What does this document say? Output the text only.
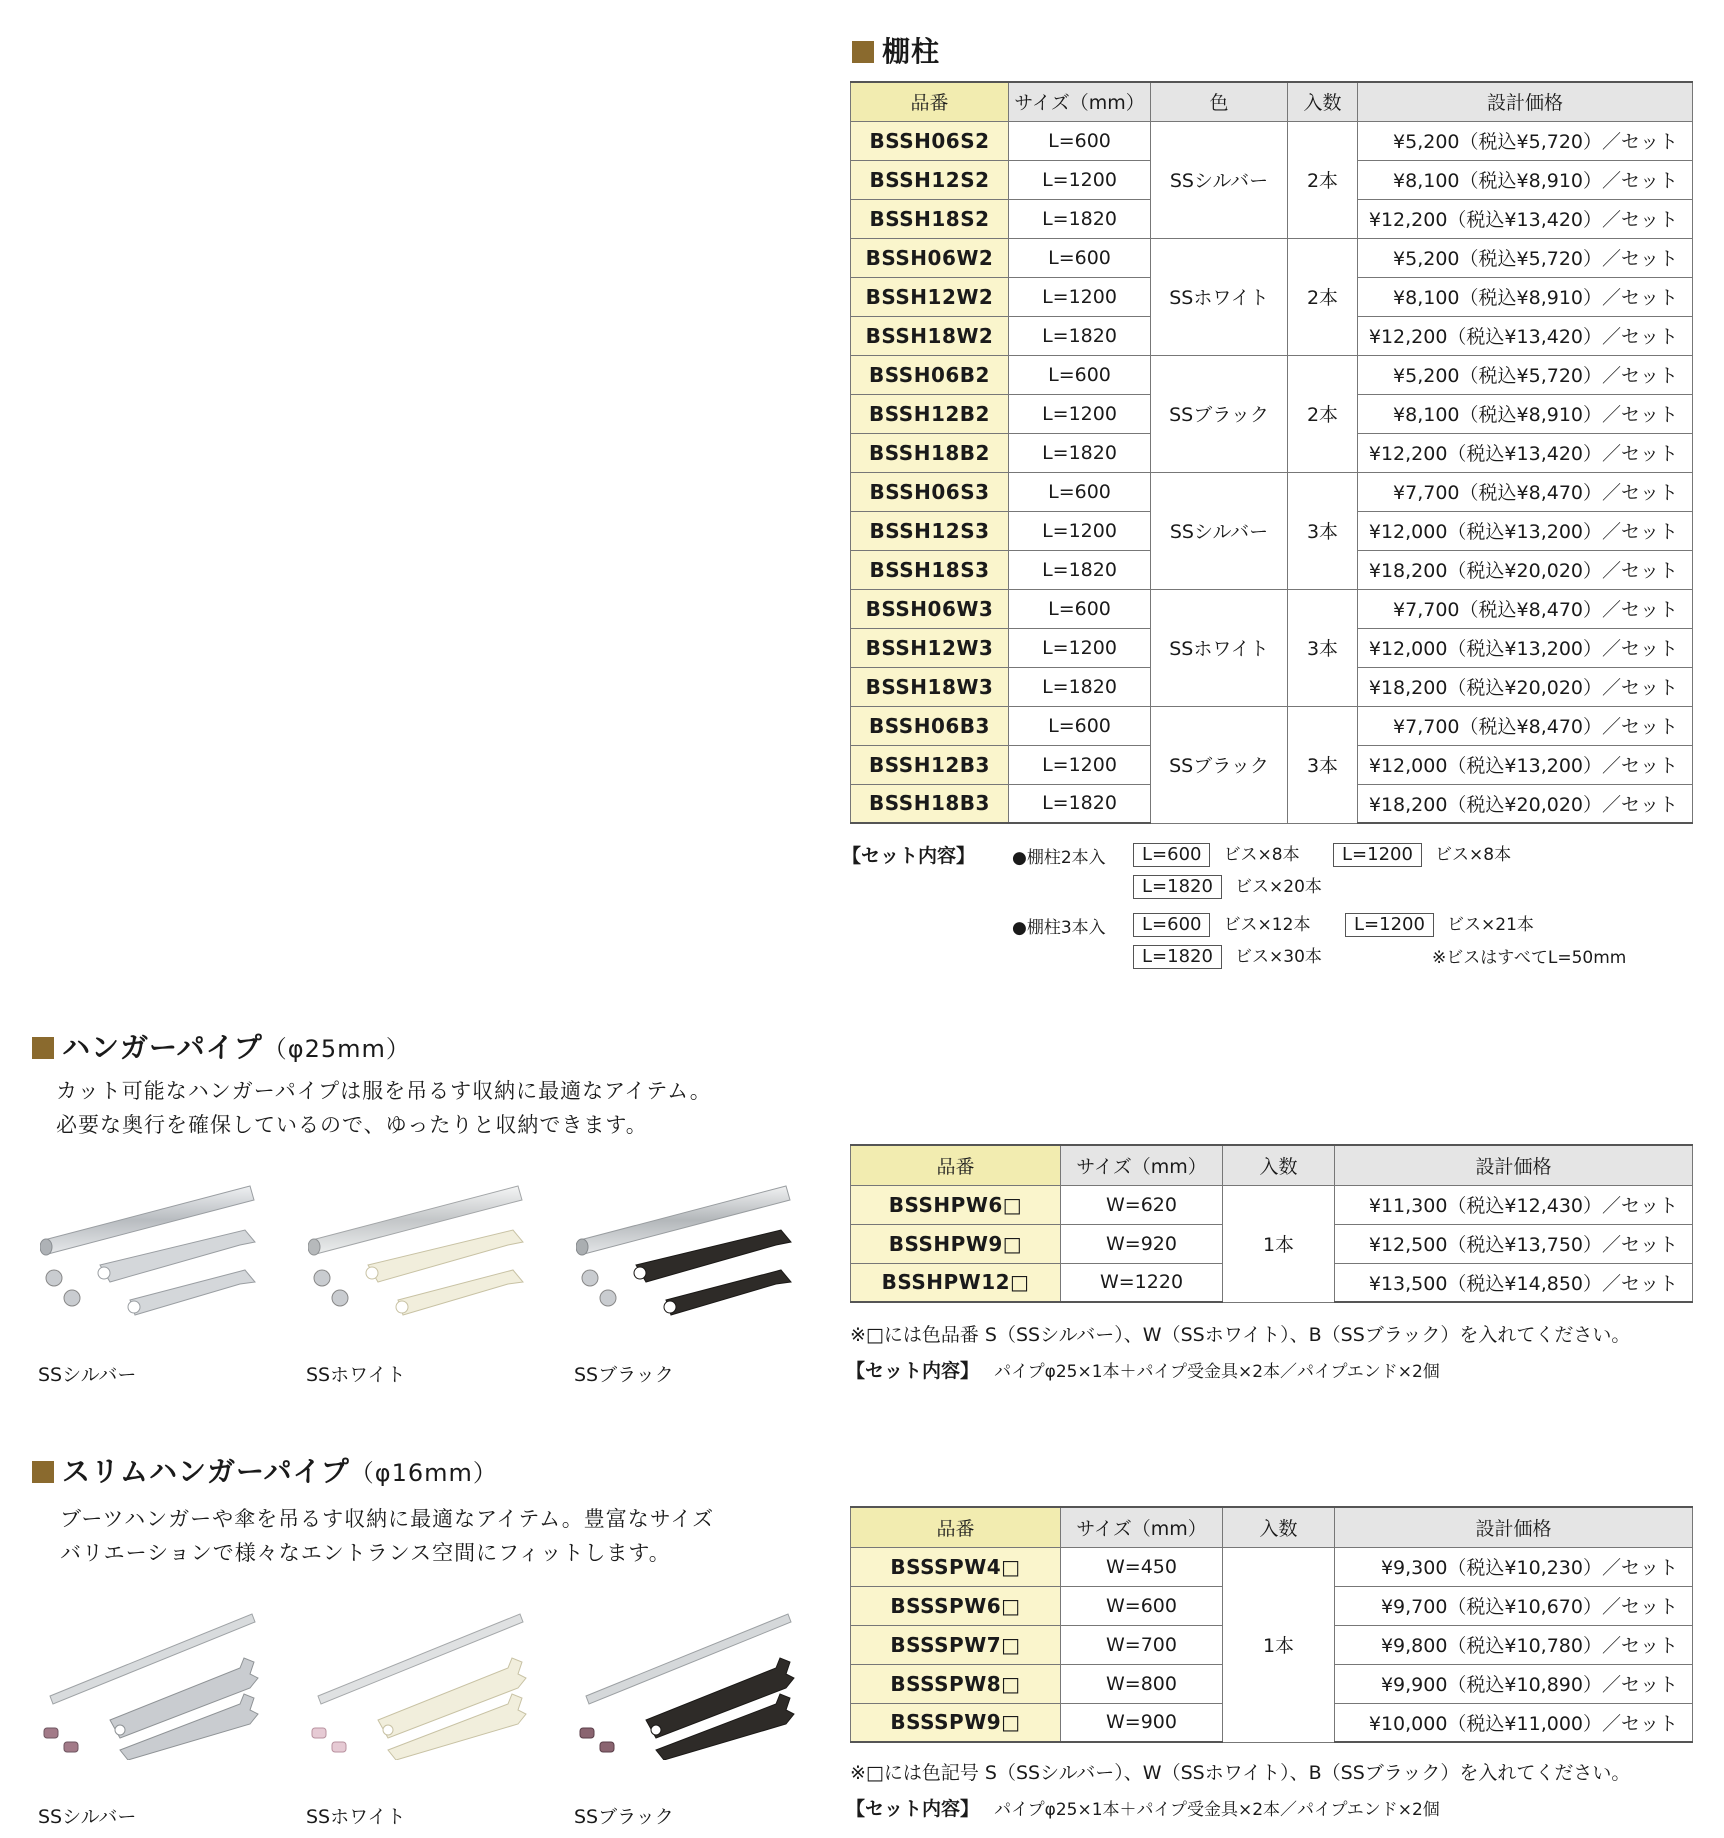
棚柱
品番	サイズ（mm）	色	入数	設計価格
BSSH06S2	L=600	SSシルバー	2本	¥5,200（税込¥5,720）／セット
BSSH12S2	L=1200			¥8,100（税込¥8,910）／セット
BSSH18S2	L=1820			¥12,200（税込¥13,420）／セット
BSSH06W2	L=600	SSホワイト	2本	¥5,200（税込¥5,720）／セット
BSSH12W2	L=1200			¥8,100（税込¥8,910）／セット
BSSH18W2	L=1820			¥12,200（税込¥13,420）／セット
BSSH06B2	L=600	SSブラック	2本	¥5,200（税込¥5,720）／セット
BSSH12B2	L=1200			¥8,100（税込¥8,910）／セット
BSSH18B2	L=1820			¥12,200（税込¥13,420）／セット
BSSH06S3	L=600	SSシルバー	3本	¥7,700（税込¥8,470）／セット
BSSH12S3	L=1200			¥12,000（税込¥13,200）／セット
BSSH18S3	L=1820			¥18,200（税込¥20,020）／セット
BSSH06W3	L=600	SSホワイト	3本	¥7,700（税込¥8,470）／セット
BSSH12W3	L=1200			¥12,000（税込¥13,200）／セット
BSSH18W3	L=1820			¥18,200（税込¥20,020）／セット
BSSH06B3	L=600	SSブラック	3本	¥7,700（税込¥8,470）／セット
BSSH12B3	L=1200			¥12,000（税込¥13,200）／セット
BSSH18B3	L=1820			¥18,200（税込¥20,020）／セット
【セット内容】 ●棚柱2本入	L=600 ビス×8本	L=1200 ビス×8本
L=1820 ビス×20本
●棚柱3本入	L=600 ビス×12本	L=1200 ビス×21本
L=1820 ビス×30本	※ビスはすべてL=50mm
ハンガーパイプ（φ25mm）
カット可能なハンガーパイプは服を吊るす収納に最適なアイテム。
必要な奥行を確保しているので、ゆったりと収納できます。
SSシルバー	SSホワイト	SSブラック
品番	サイズ（mm）	入数	設計価格
BSSHPW6□	W=620	1本	¥11,300（税込¥12,430）／セット
BSSHPW9□	W=920		¥12,500（税込¥13,750）／セット
BSSHPW12□	W=1220		¥13,500（税込¥14,850）／セット
※□には色品番 S（SSシルバー）、W（SSホワイト）、B（SSブラック）を入れてください。
【セット内容】 パイプφ25×1本＋パイプ受金具×2本／パイプエンド×2個
スリムハンガーパイプ（φ16mm）
ブーツハンガーや傘を吊るす収納に最適なアイテム。豊富なサイズ
バリエーションで様々なエントランス空間にフィットします。
SSシルバー	SSホワイト	SSブラック
品番	サイズ（mm）	入数	設計価格
BSSSPW4□	W=450	1本	¥9,300（税込¥10,230）／セット
BSSSPW6□	W=600		¥9,700（税込¥10,670）／セット
BSSSPW7□	W=700		¥9,800（税込¥10,780）／セット
BSSSPW8□	W=800		¥9,900（税込¥10,890）／セット
BSSSPW9□	W=900		¥10,000（税込¥11,000）／セット
※□には色記号 S（SSシルバー）、W（SSホワイト）、B（SSブラック）を入れてください。
【セット内容】 パイプφ25×1本＋パイプ受金具×2本／パイプエンド×2個
